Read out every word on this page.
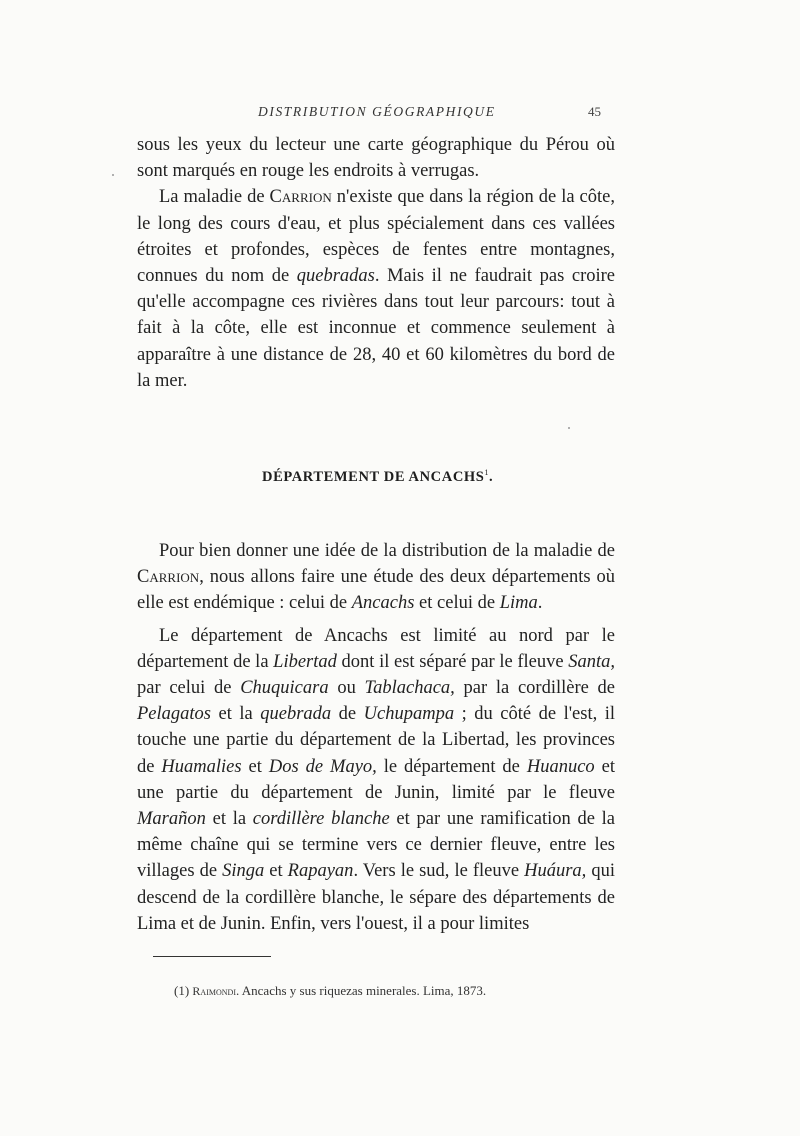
DISTRIBUTION GÉOGRAPHIQUE	45

sous les yeux du lecteur une carte géographique du Pérou où sont marqués en rouge les endroits à verrugas.

La maladie de Carrion n'existe que dans la région de la côte, le long des cours d'eau, et plus spécialement dans ces vallées étroites et profondes, espèces de fentes entre montagnes, connues du nom de quebradas. Mais il ne faudrait pas croire qu'elle accompagne ces rivières dans tout leur parcours: tout à fait à la côte, elle est inconnue et commence seulement à apparaître à une distance de 28, 40 et 60 kilomètres du bord de la mer.

DÉPARTEMENT DE ANCACHS$^1$.

Pour bien donner une idée de la distribution de la maladie de Carrion, nous allons faire une étude des deux départements où elle est endémique : celui de Ancachs et celui de Lima.

Le département de Ancachs est limité au nord par le département de la Libertad dont il est séparé par le fleuve Santa, par celui de Chuquicara ou Tablachaca, par la cordillère de Pelagatos et la quebrada de Uchupampa ; du côté de l'est, il touche une partie du département de la Libertad, les provinces de Huamalies et Dos de Mayo, le département de Huanuco et une partie du département de Junin, limité par le fleuve Marañon et la cordillère blanche et par une ramification de la même chaîne qui se termine vers ce dernier fleuve, entre les villages de Singa et Rapayan. Vers le sud, le fleuve Huáura, qui descend de la cordillère blanche, le sépare des départements de Lima et de Junin. Enfin, vers l'ouest, il a pour limites

(1) Raimondi. Ancachs y sus riquezas minerales. Lima, 1873.
